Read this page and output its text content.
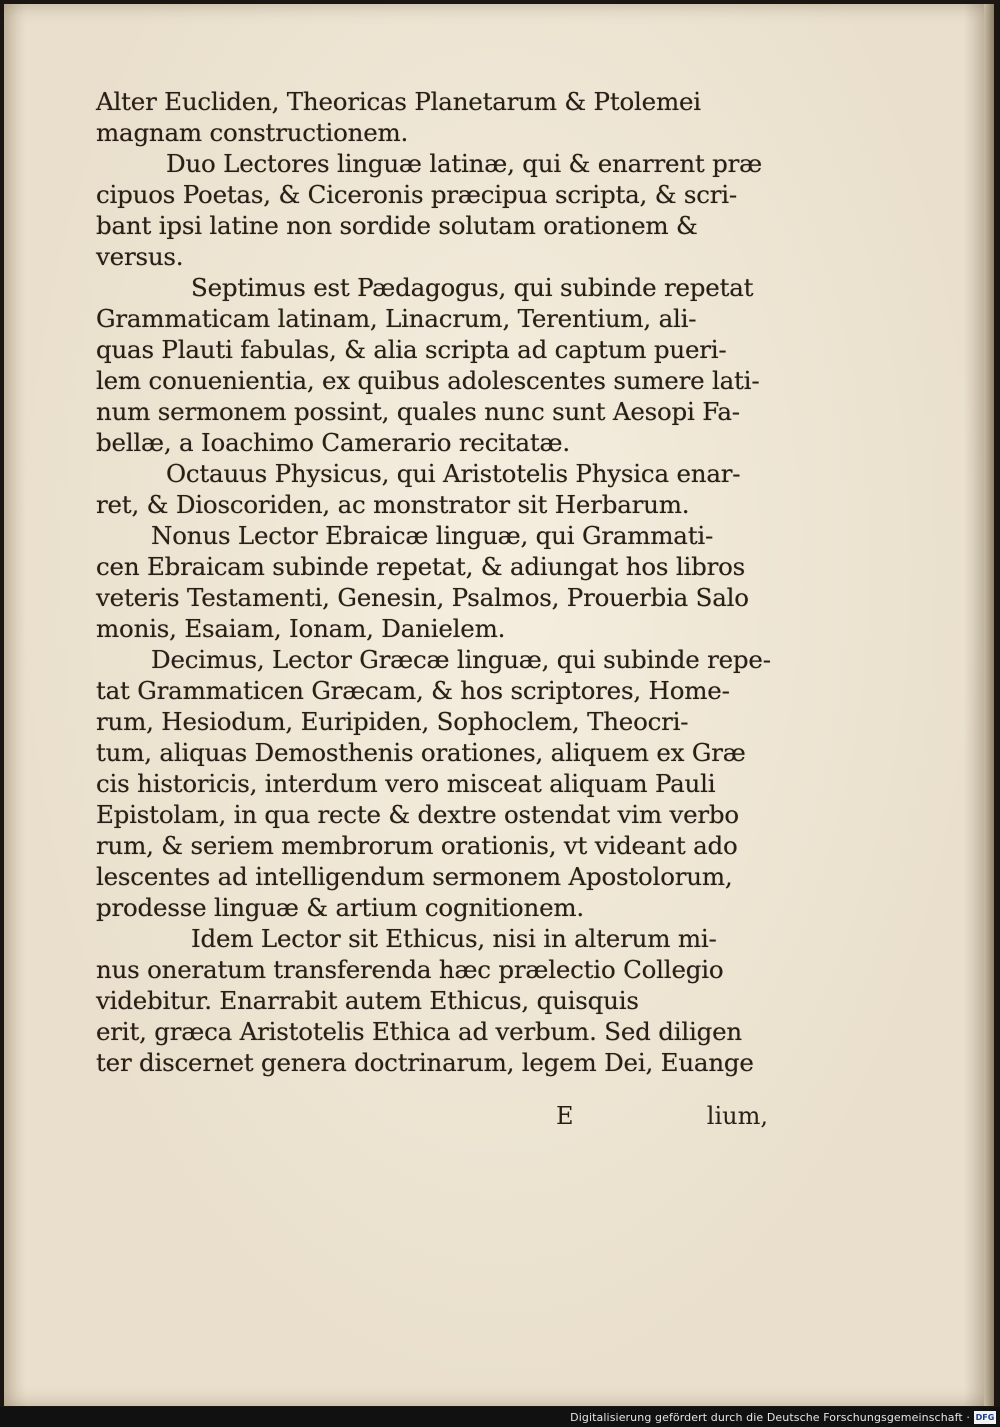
Alter Eucliden, Theoricas Planetarum & Ptolemei
magnam constructionem.
Duo Lectores linguæ latinæ, qui & enarrent præ
cipuos Poetas, & Ciceronis præcipua scripta, & scri-
bant ipsi latine non sordide solutam orationem &
versus.
Septimus est Pædagogus, qui subinde repetat
Grammaticam latinam, Linacrum, Terentium, ali-
quas Plauti fabulas, & alia scripta ad captum pueri-
lem conuenientia, ex quibus adolescentes sumere lati-
num sermonem possint, quales nunc sunt Aesopi Fa-
bellæ, a Ioachimo Camerario recitatæ.
Octauus Physicus, qui Aristotelis Physica enar-
ret, & Dioscoriden, ac monstrator sit Herbarum.
Nonus Lector Ebraicæ linguæ, qui Grammati-
cen Ebraicam subinde repetat, & adiungat hos libros
veteris Testamenti, Genesin, Psalmos, Prouerbia Salo
monis, Esaiam, Ionam, Danielem.
Decimus, Lector Græcæ linguæ, qui subinde repe-
tat Grammaticen Græcam, & hos scriptores, Home-
rum, Hesiodum, Euripiden, Sophoclem, Theocri-
tum, aliquas Demosthenis orationes, aliquem ex Græ
cis historicis, interdum vero misceat aliquam Pauli
Epistolam, in qua recte & dextre ostendat vim verbo
rum, & seriem membrorum orationis, vt videant ado
lescentes ad intelligendum sermonem Apostolorum,
prodesse linguæ & artium cognitionem.
Idem Lector sit Ethicus, nisi in alterum mi-
nus oneratum transferenda hæc prælectio Collegio
videbitur. Enarrabit autem Ethicus, quisquis
erit, græca Aristotelis Ethica ad verbum. Sed diligen
ter discernet genera doctrinarum, legem Dei, Euange
E	lium,
Digitalisierung gefördert durch die Deutsche Forschungsgemeinschaft · DFG
